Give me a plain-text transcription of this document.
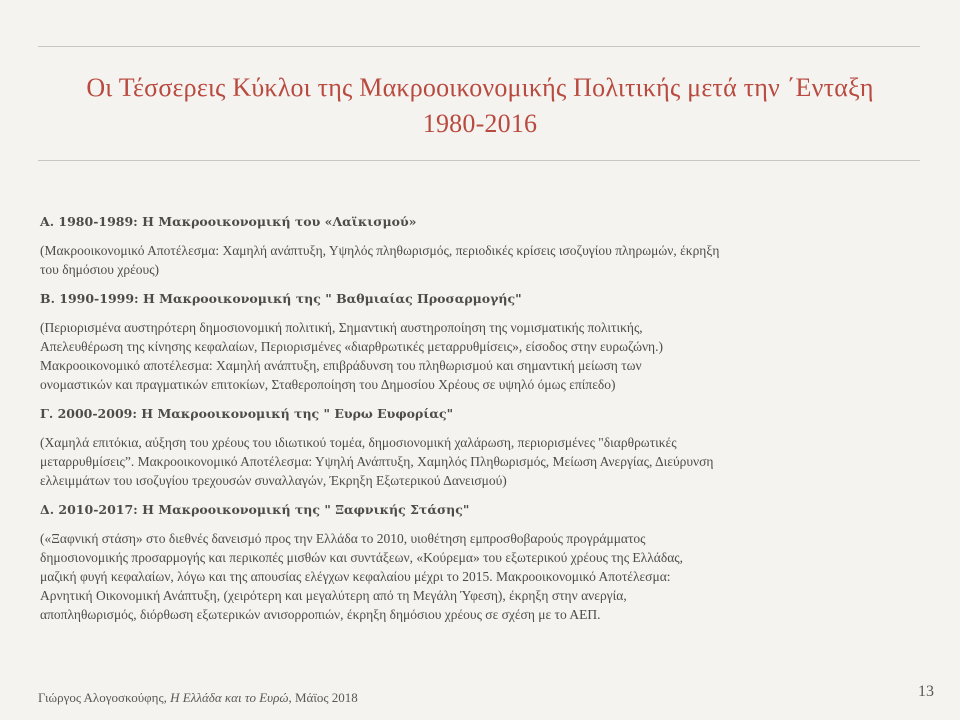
Οι Τέσσερεις Κύκλοι της Μακροοικονομικής Πολιτικής μετά την ΄Ενταξη
1980-2016
Α. 1980-1989: Η Μακροοικονομική του «Λαϊκισμού»
(Μακροοικονομικό Αποτέλεσμα: Χαμηλή ανάπτυξη, Υψηλός πληθωρισμός, περιοδικές κρίσεις ισοζυγίου πληρωμών, έκρηξη
του δημόσιου χρέους)
Β. 1990-1999: Η Μακροοικονομική της " Βαθμιαίας Προσαρμογής"
(Περιορισμένα αυστηρότερη δημοσιονομική πολιτική, Σημαντική αυστηροποίηση της νομισματικής πολιτικής,
Απελευθέρωση της κίνησης κεφαλαίων, Περιορισμένες «διαρθρωτικές μεταρρυθμίσεις», είσοδος στην ευρωζώνη.)
Μακροοικονομικό αποτέλεσμα: Χαμηλή ανάπτυξη, επιβράδυνση του πληθωρισμού και σημαντική μείωση των
ονομαστικών και πραγματικών επιτοκίων, Σταθεροποίηση του Δημοσίου Χρέους σε υψηλό όμως επίπεδο)
Γ. 2000-2009: Η Μακροοικονομική της " Ευρω Ευφορίας"
(Χαμηλά επιτόκια, αύξηση του χρέους του ιδιωτικού τομέα, δημοσιονομική χαλάρωση, περιορισμένες "διαρθρωτικές
μεταρρυθμίσεις”. Μακροοικονομικό Αποτέλεσμα: Υψηλή Ανάπτυξη, Χαμηλός Πληθωρισμός, Μείωση Ανεργίας, Διεύρυνση
ελλειμμάτων του ισοζυγίου τρεχουσών συναλλαγών, Έκρηξη Εξωτερικού Δανεισμού)
Δ. 2010-2017: Η Μακροοικονομική της " Ξαφνικής Στάσης"
(«Ξαφνική στάση» στο διεθνές δανεισμό προς την Ελλάδα το 2010, υιοθέτηση εμπροσθοβαρούς προγράμματος
δημοσιονομικής προσαρμογής και περικοπές μισθών και συντάξεων, «Κούρεμα» του εξωτερικού χρέους της Ελλάδας,
μαζική φυγή κεφαλαίων, λόγω και της απουσίας ελέγχων κεφαλαίου μέχρι το 2015. Μακροοικονομικό Αποτέλεσμα:
Αρνητική Οικονομική Ανάπτυξη, (χειρότερη και μεγαλύτερη από τη Μεγάλη Ύφεση), έκρηξη στην ανεργία,
αποπληθωρισμός, διόρθωση εξωτερικών ανισορροπιών, έκρηξη δημόσιου χρέους σε σχέση με το ΑΕΠ.
Γιώργος Αλογοσκούφης, Η Ελλάδα και το Ευρώ, Μάϊος 2018	13
